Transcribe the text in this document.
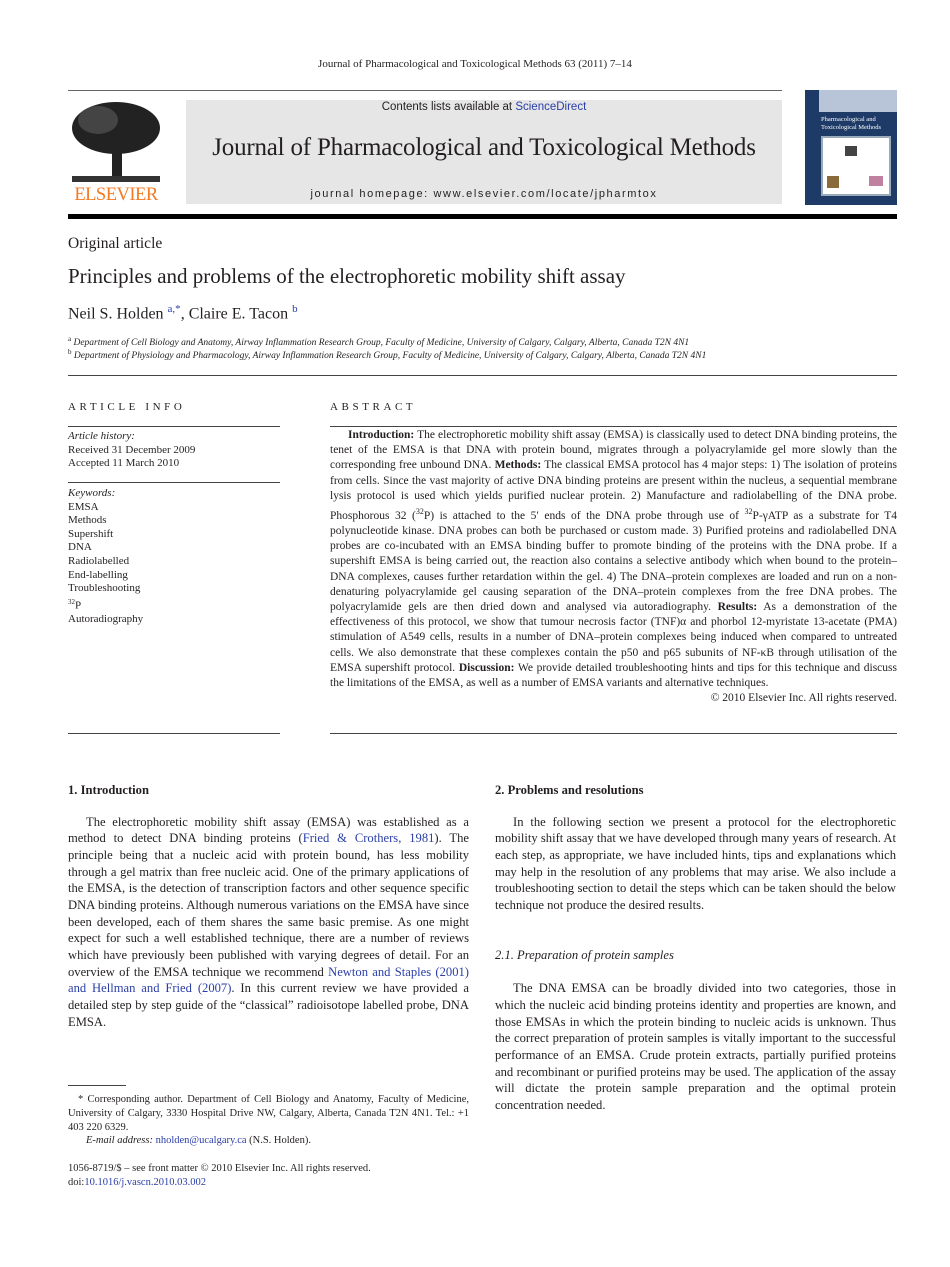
Journal of Pharmacological and Toxicological Methods 63 (2011) 7–14
ELSEVIER
Contents lists available at ScienceDirect
Journal of Pharmacological and Toxicological Methods
journal homepage: www.elsevier.com/locate/jpharmtox
Pharmacological and Toxicological Methods
Original article
Principles and problems of the electrophoretic mobility shift assay
Neil S. Holden $^{a,*}$, Claire E. Tacon $^b$
$^a$ Department of Cell Biology and Anatomy, Airway Inflammation Research Group, Faculty of Medicine, University of Calgary, Calgary, Alberta, Canada T2N 4N1
$^b$ Department of Physiology and Pharmacology, Airway Inflammation Research Group, Faculty of Medicine, University of Calgary, Calgary, Alberta, Canada T2N 4N1
ARTICLE INFO
Article history:
Received 31 December 2009
Accepted 11 March 2010
Keywords:
EMSA
Methods
Supershift
DNA
Radiolabelled
End-labelling
Troubleshooting
$^{32}$P
Autoradiography
ABSTRACT

Introduction: The electrophoretic mobility shift assay (EMSA) is classically used to detect DNA binding proteins, the tenet of the EMSA is that DNA with protein bound, migrates through a polyacrylamide gel more slowly than the corresponding free unbound DNA. Methods: The classical EMSA protocol has 4 major steps: 1) The isolation of proteins from cells. Since the vast majority of active DNA binding proteins are present within the nucleus, a sequential membrane lysis protocol is used which yields purified nuclear protein. 2) Manufacture and radiolabelling of the DNA probe. Phosphorous 32 ($^{32}$P) is attached to the 5′ ends of the DNA probe through use of $^{32}$P-γATP as a substrate for T4 polynucleotide kinase. DNA probes can both be purchased or custom made. 3) Purified proteins and radiolabelled DNA probes are co-incubated with an EMSA binding buffer to promote binding of the proteins with the DNA probe. If a supershift EMSA is being carried out, the reaction also contains a selective antibody which when bound to the protein–DNA complexes, causes further retardation within the gel. 4) The DNA–protein complexes are loaded and run on a non-denaturing polyacrylamide gel causing separation of the DNA–protein complexes from the free DNA probes. The polyacrylamide gels are then dried down and analysed via autoradiography. Results: As a demonstration of the effectiveness of this protocol, we show that tumour necrosis factor (TNF)α and phorbol 12-myristate 13-acetate (PMA) stimulation of A549 cells, results in a number of DNA–protein complexes being induced when compared to untreated cells. We also demonstrate that these complexes contain the p50 and p65 subunits of NF-κB through utilisation of the EMSA supershift protocol. Discussion: We provide detailed troubleshooting hints and tips for this technique and discuss the limitations of the EMSA, as well as a number of EMSA variants and alternative techniques.

© 2010 Elsevier Inc. All rights reserved.

1. Introduction

The electrophoretic mobility shift assay (EMSA) was established as a method to detect DNA binding proteins (Fried & Crothers, 1981). The principle being that a nucleic acid with protein bound, has less mobility through a gel matrix than free nucleic acid. One of the primary applications of the EMSA, is the detection of transcription factors and other sequence specific DNA binding proteins. Although numerous variations on the EMSA have since been developed, each of them shares the same basic premise. As one might expect for such a well established technique, there are a number of reviews which have previously been published with varying degrees of detail. For an overview of the EMSA technique we recommend Newton and Staples (2001) and Hellman and Fried (2007). In this current review we have provided a detailed step by step guide of the “classical” radioisotope labelled probe, DNA EMSA.

* Corresponding author. Department of Cell Biology and Anatomy, Faculty of Medicine, University of Calgary, 3330 Hospital Drive NW, Calgary, Alberta, Canada T2N 4N1. Tel.: +1 403 220 6329.
E-mail address: nholden@ucalgary.ca (N.S. Holden).
1056-8719/$ – see front matter © 2010 Elsevier Inc. All rights reserved.
doi:10.1016/j.vascn.2010.03.002
2. Problems and resolutions

In the following section we present a protocol for the electrophoretic mobility shift assay that we have developed through many years of research. At each step, as appropriate, we have included hints, tips and explanations which may help in the resolution of any problems that may arise. We also include a troubleshooting section to detail the steps which can be taken should the below technique not produce the desired results.

2.1. Preparation of protein samples

The DNA EMSA can be broadly divided into two categories, those in which the nucleic acid binding proteins identity and properties are known, and those EMSAs in which the protein binding to nucleic acids is unknown. Thus the correct preparation of protein samples is vitally important to the successful performance of an EMSA. Crude protein extracts, partially purified proteins and recombinant or purified proteins may be used. The application of the assay will dictate the protein sample preparation and the optimal protein concentration needed.
